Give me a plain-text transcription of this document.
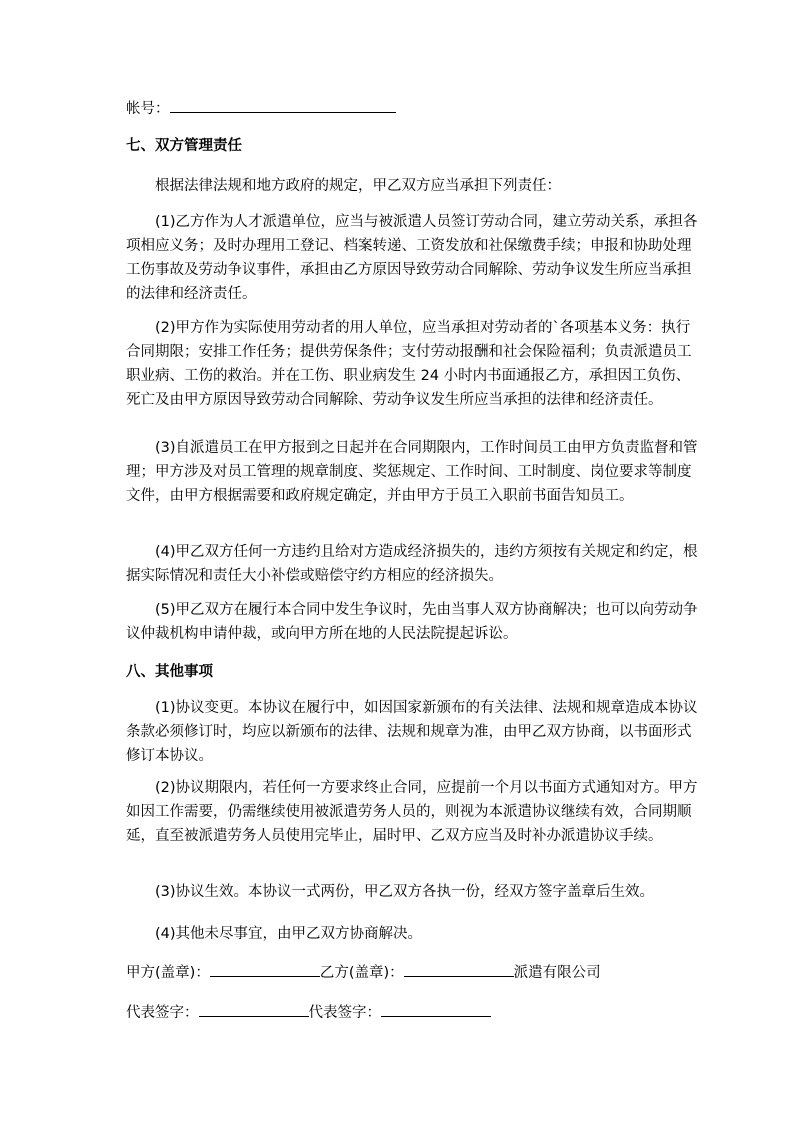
帐号：
七、双方管理责任

根据法律法规和地方政府的规定，甲乙双方应当承担下列责任：

(1)乙方作为人才派遣单位，应当与被派遣人员签订劳动合同，建立劳动关系，承担各项相应义务；及时办理用工登记、档案转递、工资发放和社保缴费手续；申报和协助处理工伤事故及劳动争议事件，承担由乙方原因导致劳动合同解除、劳动争议发生所应当承担的法律和经济责任。

(2)甲方作为实际使用劳动者的用人单位，应当承担对劳动者的`各项基本义务：执行合同期限；安排工作任务；提供劳保条件；支付劳动报酬和社会保险福利；负责派遣员工职业病、工伤的救治。并在工伤、职业病发生 24 小时内书面通报乙方，承担因工负伤、死亡及由甲方原因导致劳动合同解除、劳动争议发生所应当承担的法律和经济责任。

(3)自派遣员工在甲方报到之日起并在合同期限内，工作时间员工由甲方负责监督和管理；甲方涉及对员工管理的规章制度、奖惩规定、工作时间、工时制度、岗位要求等制度文件，由甲方根据需要和政府规定确定，并由甲方于员工入职前书面告知员工。

(4)甲乙双方任何一方违约且给对方造成经济损失的，违约方须按有关规定和约定，根据实际情况和责任大小补偿或赔偿守约方相应的经济损失。

(5)甲乙双方在履行本合同中发生争议时，先由当事人双方协商解决；也可以向劳动争议仲裁机构申请仲裁，或向甲方所在地的人民法院提起诉讼。

八、其他事项

(1)协议变更。本协议在履行中，如因国家新颁布的有关法律、法规和规章造成本协议条款必须修订时，均应以新颁布的法律、法规和规章为准，由甲乙双方协商，以书面形式修订本协议。

(2)协议期限内，若任何一方要求终止合同，应提前一个月以书面方式通知对方。甲方如因工作需要，仍需继续使用被派遣劳务人员的，则视为本派遣协议继续有效，合同期顺延，直至被派遣劳务人员使用完毕止，届时甲、乙双方应当及时补办派遣协议手续。

(3)协议生效。本协议一式两份，甲乙双方各执一份，经双方签字盖章后生效。

(4)其他未尽事宜，由甲乙双方协商解决。

甲方(盖章)：	乙方(盖章)：	派遣有限公司
代表签字：	代表签字：
